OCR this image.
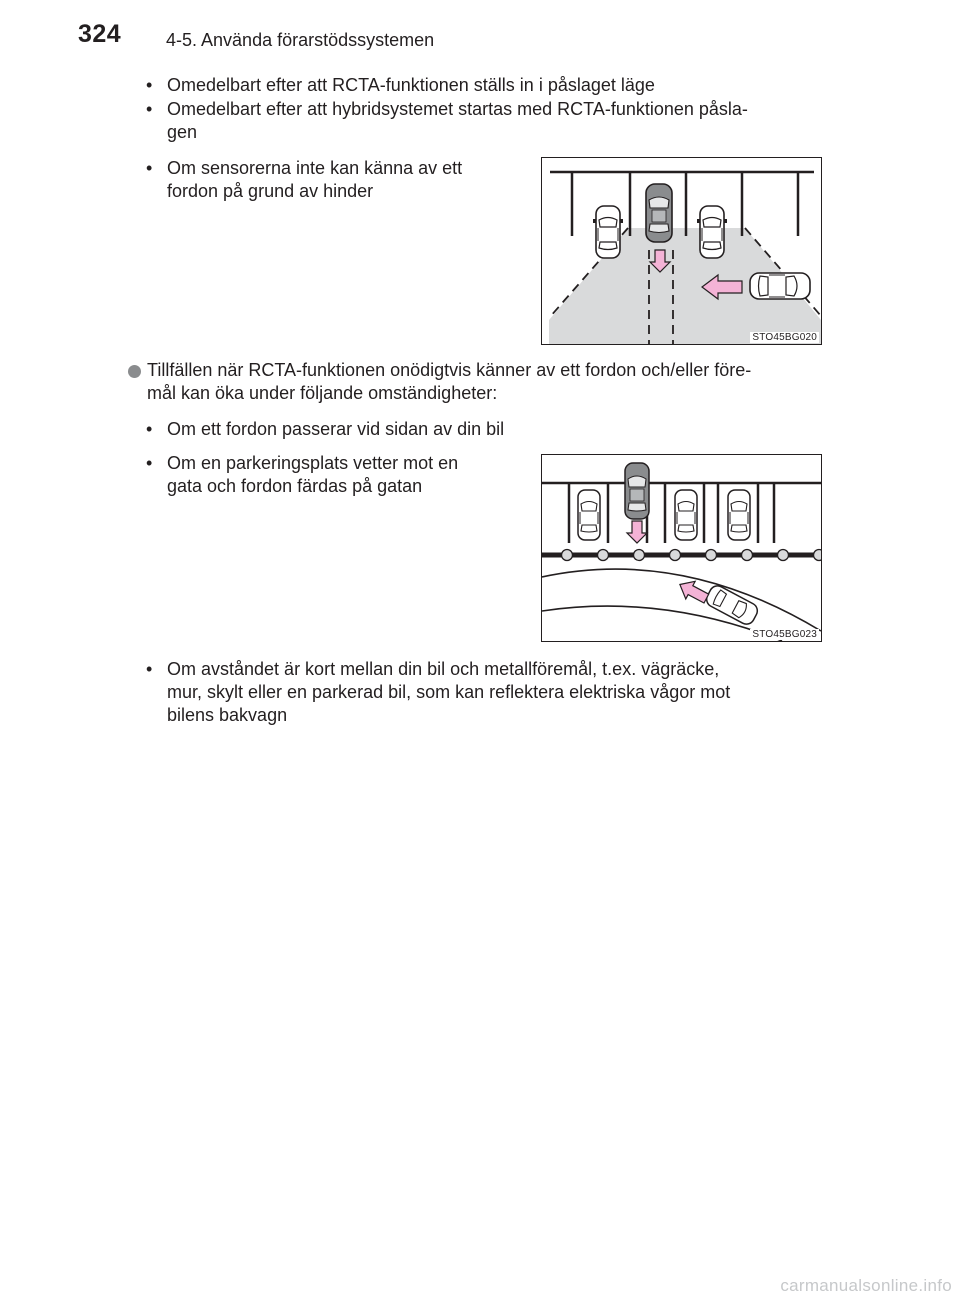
324 4-5. Använda förarstödssystemen
• Omedelbart efter att RCTA-funktionen ställs in i påslaget läge
• Omedelbart efter att hybridsystemet startas med RCTA-funktionen påsla-
gen
• Om sensorerna inte kan känna av ett
fordon på grund av hinder
STO45BG020
Tillfällen när RCTA-funktionen onödigtvis känner av ett fordon och/eller före-
mål kan öka under följande omständigheter:
• Om ett fordon passerar vid sidan av din bil
• Om en parkeringsplats vetter mot en
gata och fordon färdas på gatan
STO45BG023
• Om avståndet är kort mellan din bil och metallföremål, t.ex. vägräcke,
mur, skylt eller en parkerad bil, som kan reflektera elektriska vågor mot
bilens bakvagn
carmanualsonline.info
